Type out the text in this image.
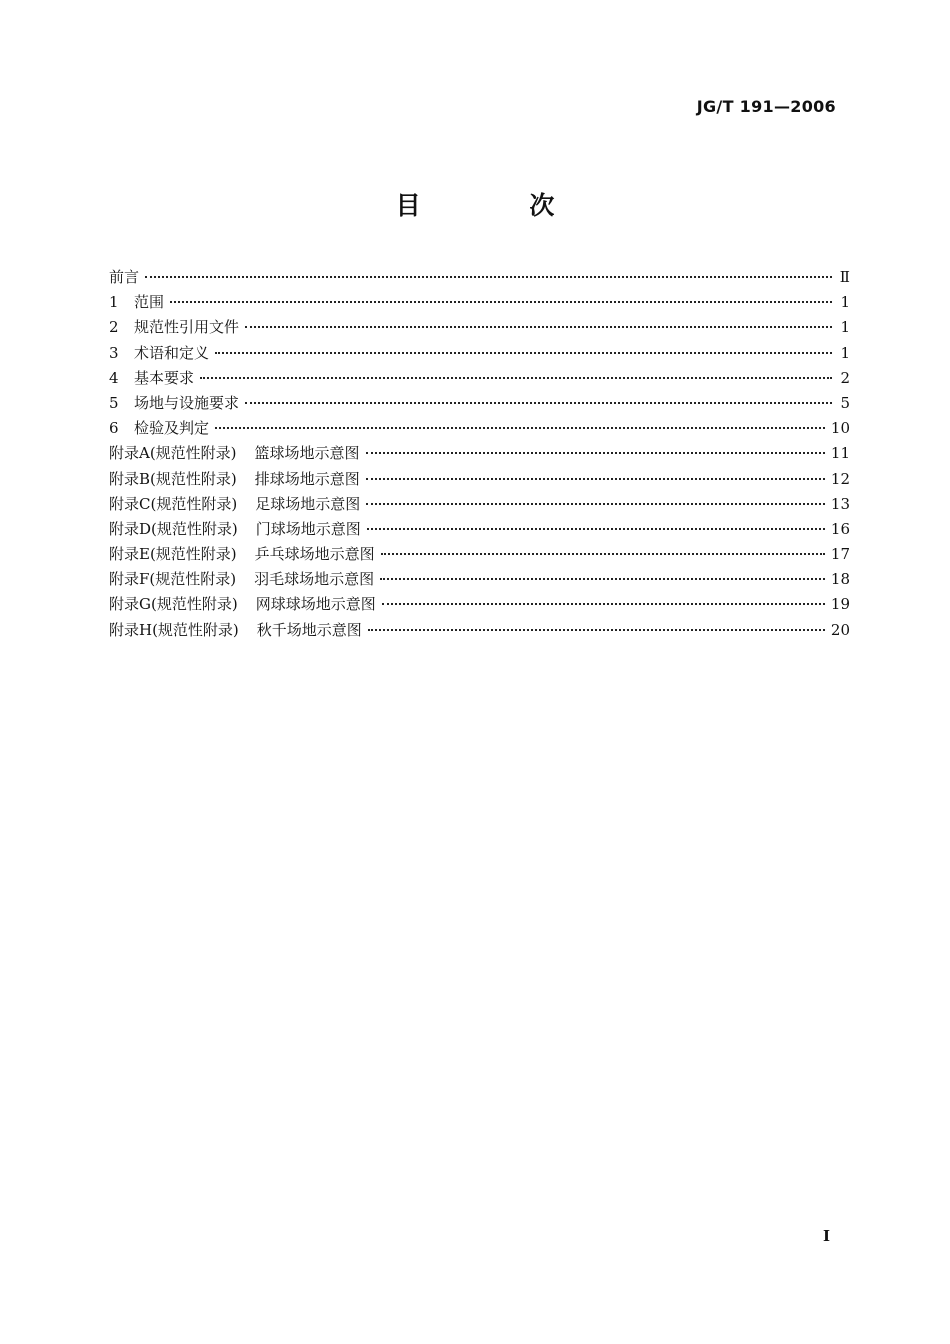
JG/T 191—2006
目 次
前言	Ⅱ
1	范围	1
2	规范性引用文件	1
3	术语和定义	1
4	基本要求	2
5	场地与设施要求	5
6	检验及判定	10
附录A(规范性附录) 篮球场地示意图	11
附录B(规范性附录) 排球场地示意图	12
附录C(规范性附录) 足球场地示意图	13
附录D(规范性附录) 门球场地示意图	16
附录E(规范性附录) 乒乓球场地示意图	17
附录F(规范性附录) 羽毛球场地示意图	18
附录G(规范性附录) 网球球场地示意图	19
附录H(规范性附录) 秋千场地示意图	20
I
